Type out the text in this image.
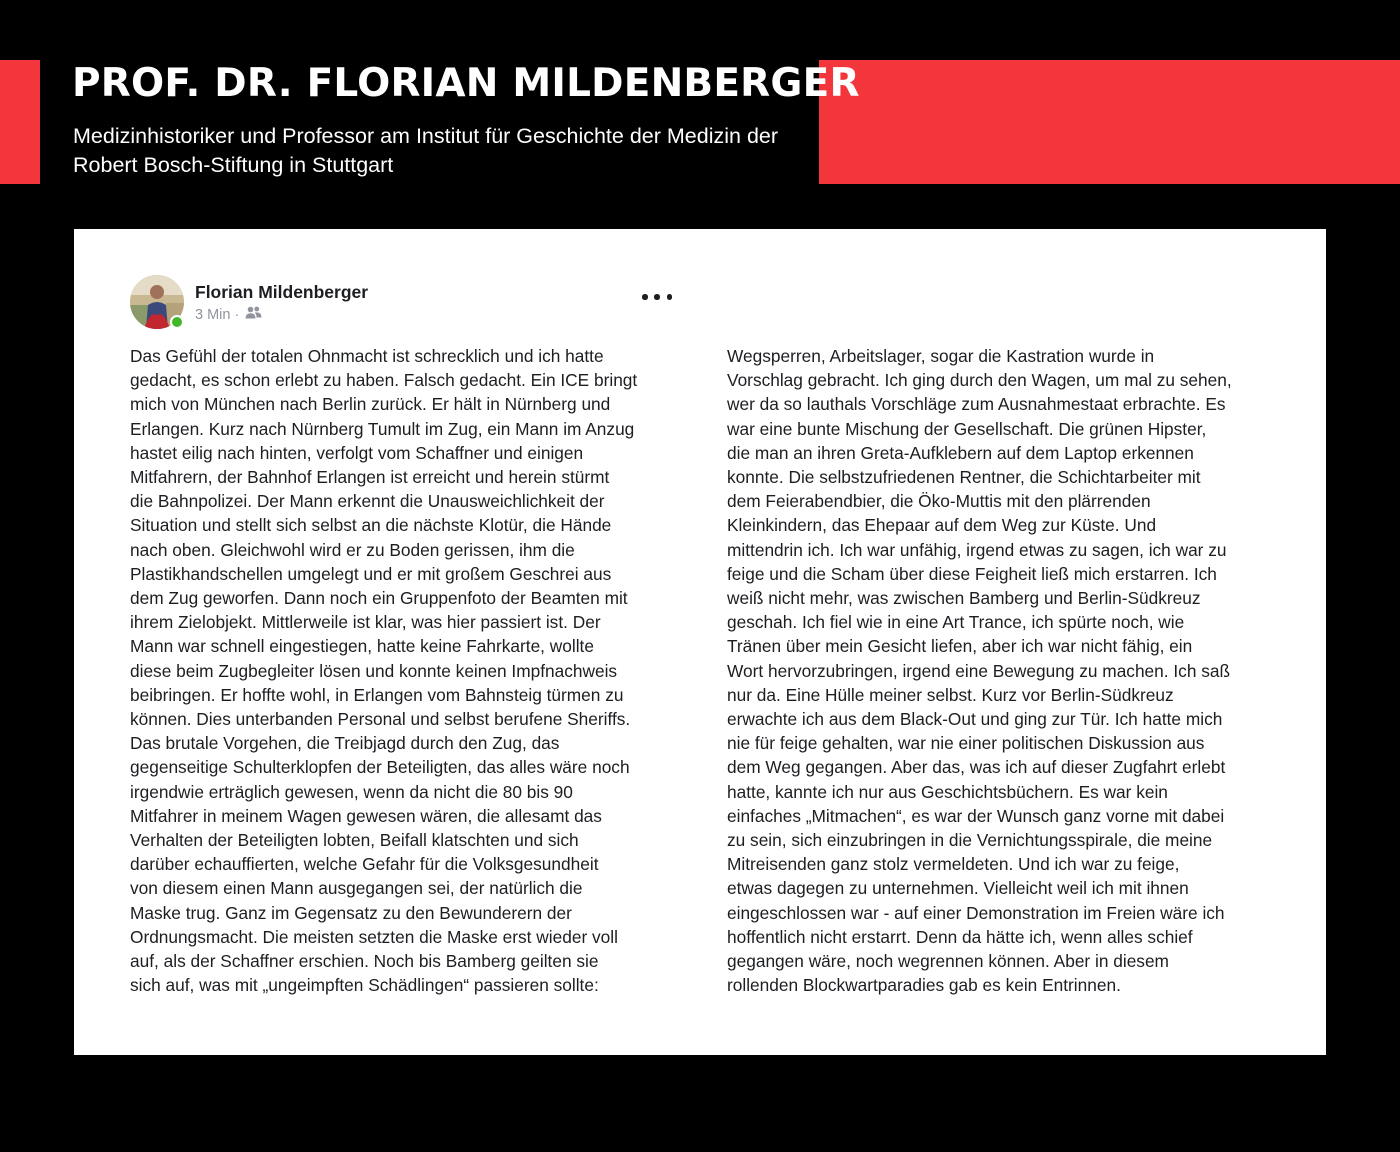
PROF. DR. FLORIAN MILDENBERGER

Medizinhistoriker und Professor am Institut für Geschichte der Medizin der Robert Bosch-Stiftung in Stuttgart

Florian Mildenberger
3 Min ·

Das Gefühl der totalen Ohnmacht ist schrecklich und ich hatte
gedacht, es schon erlebt zu haben. Falsch gedacht. Ein ICE bringt
mich von München nach Berlin zurück. Er hält in Nürnberg und
Erlangen. Kurz nach Nürnberg Tumult im Zug, ein Mann im Anzug
hastet eilig nach hinten, verfolgt vom Schaffner und einigen
Mitfahrern, der Bahnhof Erlangen ist erreicht und herein stürmt
die Bahnpolizei. Der Mann erkennt die Unausweichlichkeit der
Situation und stellt sich selbst an die nächste Klotür, die Hände
nach oben. Gleichwohl wird er zu Boden gerissen, ihm die
Plastikhandschellen umgelegt und er mit großem Geschrei aus
dem Zug geworfen. Dann noch ein Gruppenfoto der Beamten mit
ihrem Zielobjekt. Mittlerweile ist klar, was hier passiert ist. Der
Mann war schnell eingestiegen, hatte keine Fahrkarte, wollte
diese beim Zugbegleiter lösen und konnte keinen Impfnachweis
beibringen. Er hoffte wohl, in Erlangen vom Bahnsteig türmen zu
können. Dies unterbanden Personal und selbst berufene Sheriffs.
Das brutale Vorgehen, die Treibjagd durch den Zug, das
gegenseitige Schulterklopfen der Beteiligten, das alles wäre noch
irgendwie erträglich gewesen, wenn da nicht die 80 bis 90
Mitfahrer in meinem Wagen gewesen wären, die allesamt das
Verhalten der Beteiligten lobten, Beifall klatschten und sich
darüber echauffierten, welche Gefahr für die Volksgesundheit
von diesem einen Mann ausgegangen sei, der natürlich die
Maske trug. Ganz im Gegensatz zu den Bewunderern der
Ordnungsmacht. Die meisten setzten die Maske erst wieder voll
auf, als der Schaffner erschien. Noch bis Bamberg geilten sie
sich auf, was mit „ungeimpften Schädlingen“ passieren sollte:

Wegsperren, Arbeitslager, sogar die Kastration wurde in
Vorschlag gebracht. Ich ging durch den Wagen, um mal zu sehen,
wer da so lauthals Vorschläge zum Ausnahmestaat erbrachte. Es
war eine bunte Mischung der Gesellschaft. Die grünen Hipster,
die man an ihren Greta-Aufklebern auf dem Laptop erkennen
konnte. Die selbstzufriedenen Rentner, die Schichtarbeiter mit
dem Feierabendbier, die Öko-Muttis mit den plärrenden
Kleinkindern, das Ehepaar auf dem Weg zur Küste. Und
mittendrin ich. Ich war unfähig, irgend etwas zu sagen, ich war zu
feige und die Scham über diese Feigheit ließ mich erstarren. Ich
weiß nicht mehr, was zwischen Bamberg und Berlin-Südkreuz
geschah. Ich fiel wie in eine Art Trance, ich spürte noch, wie
Tränen über mein Gesicht liefen, aber ich war nicht fähig, ein
Wort hervorzubringen, irgend eine Bewegung zu machen. Ich saß
nur da. Eine Hülle meiner selbst. Kurz vor Berlin-Südkreuz
erwachte ich aus dem Black-Out und ging zur Tür. Ich hatte mich
nie für feige gehalten, war nie einer politischen Diskussion aus
dem Weg gegangen. Aber das, was ich auf dieser Zugfahrt erlebt
hatte, kannte ich nur aus Geschichtsbüchern. Es war kein
einfaches „Mitmachen“, es war der Wunsch ganz vorne mit dabei
zu sein, sich einzubringen in die Vernichtungsspirale, die meine
Mitreisenden ganz stolz vermeldeten. Und ich war zu feige,
etwas dagegen zu unternehmen. Vielleicht weil ich mit ihnen
eingeschlossen war - auf einer Demonstration im Freien wäre ich
hoffentlich nicht erstarrt. Denn da hätte ich, wenn alles schief
gegangen wäre, noch wegrennen können. Aber in diesem
rollenden Blockwartparadies gab es kein Entrinnen.
